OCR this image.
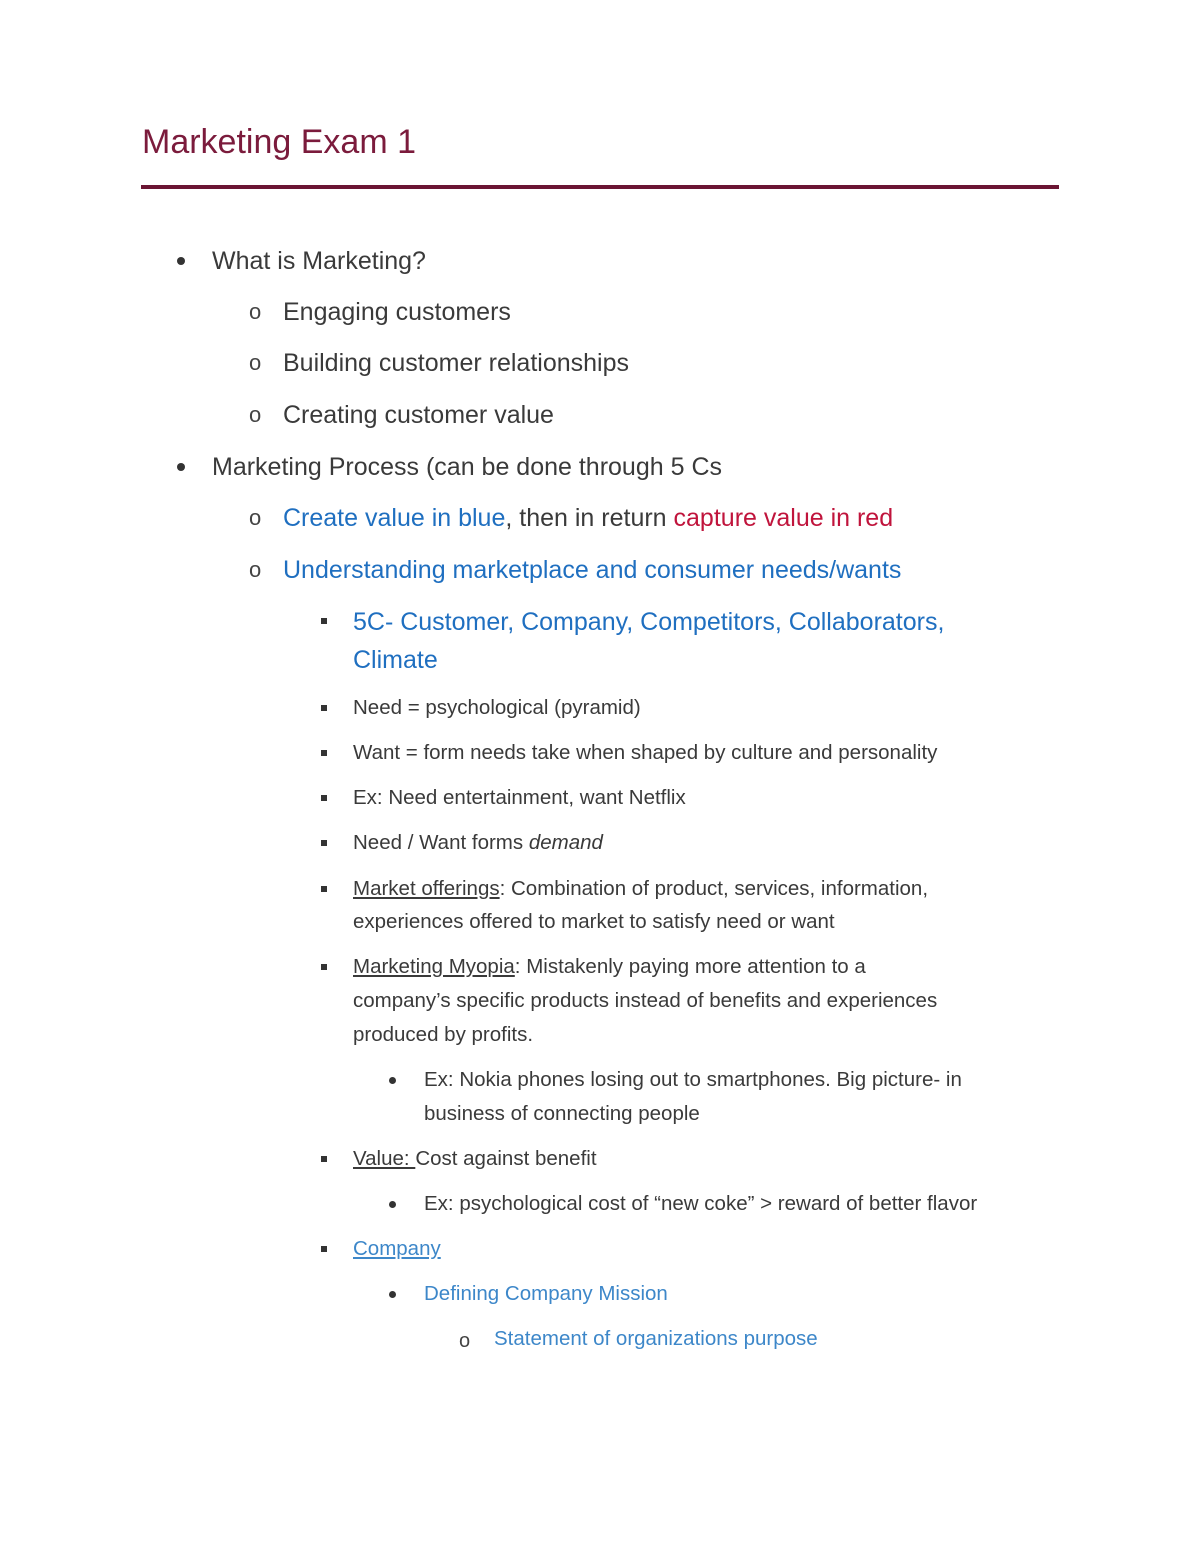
Marketing Exam 1
What is Marketing?
o Engaging customers
o Building customer relationships
o Creating customer value
Marketing Process (can be done through 5 Cs
o Create value in blue, then in return capture value in red
o Understanding marketplace and consumer needs/wants
5C- Customer, Company, Competitors, Collaborators,
Climate
Need = psychological (pyramid)
Want = form needs take when shaped by culture and personality
Ex: Need entertainment, want Netflix
Need / Want forms demand
Market offerings: Combination of product, services, information,
experiences offered to market to satisfy need or want
Marketing Myopia: Mistakenly paying more attention to a
company’s specific products instead of benefits and experiences
produced by profits.
Ex: Nokia phones losing out to smartphones. Big picture- in
business of connecting people
Value: Cost against benefit
Ex: psychological cost of “new coke” > reward of better flavor
Company
Defining Company Mission
o Statement of organizations purpose
